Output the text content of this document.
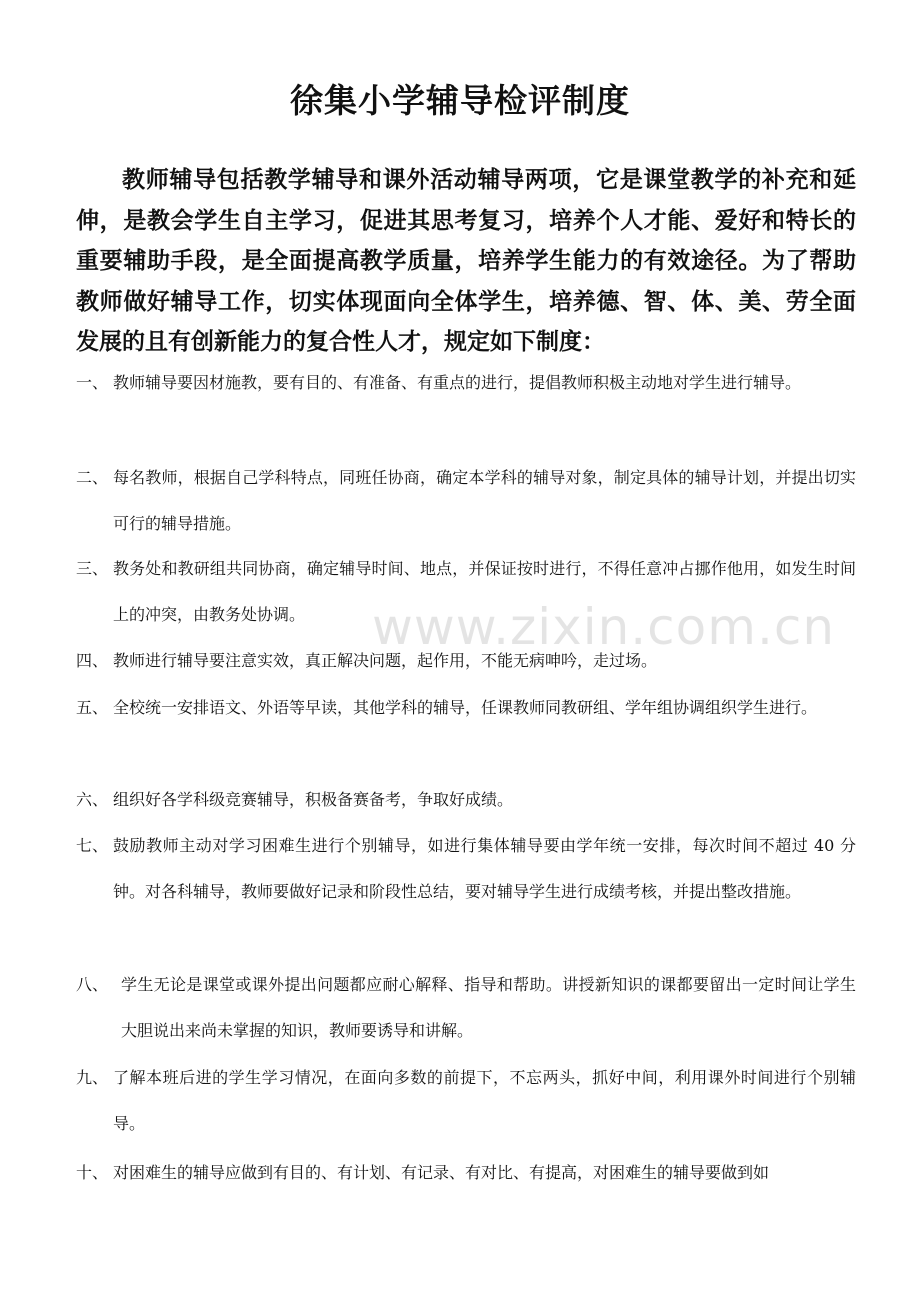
徐集小学辅导检评制度

教师辅导包括教学辅导和课外活动辅导两项，它是课堂教学的补充和延伸，是教会学生自主学习，促进其思考复习，培养个人才能、爱好和特长的重要辅助手段，是全面提高教学质量，培养学生能力的有效途径。为了帮助教师做好辅导工作，切实体现面向全体学生，培养德、智、体、美、劳全面发展的且有创新能力的复合性人才，规定如下制度：

一、 教师辅导要因材施教，要有目的、有准备、有重点的进行，提倡教师积极主动地对学生进行辅导。
二、 每名教师，根据自己学科特点，同班任协商，确定本学科的辅导对象，制定具体的辅导计划，并提出切实可行的辅导措施。
三、 教务处和教研组共同协商，确定辅导时间、地点，并保证按时进行，不得任意冲占挪作他用，如发生时间上的冲突，由教务处协调。
四、 教师进行辅导要注意实效，真正解决问题，起作用，不能无病呻吟，走过场。
五、 全校统一安排语文、外语等早读，其他学科的辅导，任课教师同教研组、学年组协调组织学生进行。
六、 组织好各学科级竞赛辅导，积极备赛备考，争取好成绩。
七、 鼓励教师主动对学习困难生进行个别辅导，如进行集体辅导要由学年统一安排，每次时间不超过 40 分钟。对各科辅导，教师要做好记录和阶段性总结，要对辅导学生进行成绩考核，并提出整改措施。
八、 学生无论是课堂或课外提出问题都应耐心解释、指导和帮助。讲授新知识的课都要留出一定时间让学生大胆说出来尚未掌握的知识，教师要诱导和讲解。
九、 了解本班后进的学生学习情况，在面向多数的前提下，不忘两头，抓好中间，利用课外时间进行个别辅导。
十、 对困难生的辅导应做到有目的、有计划、有记录、有对比、有提高，对困难生的辅导要做到如
www.zixin.com.cn
